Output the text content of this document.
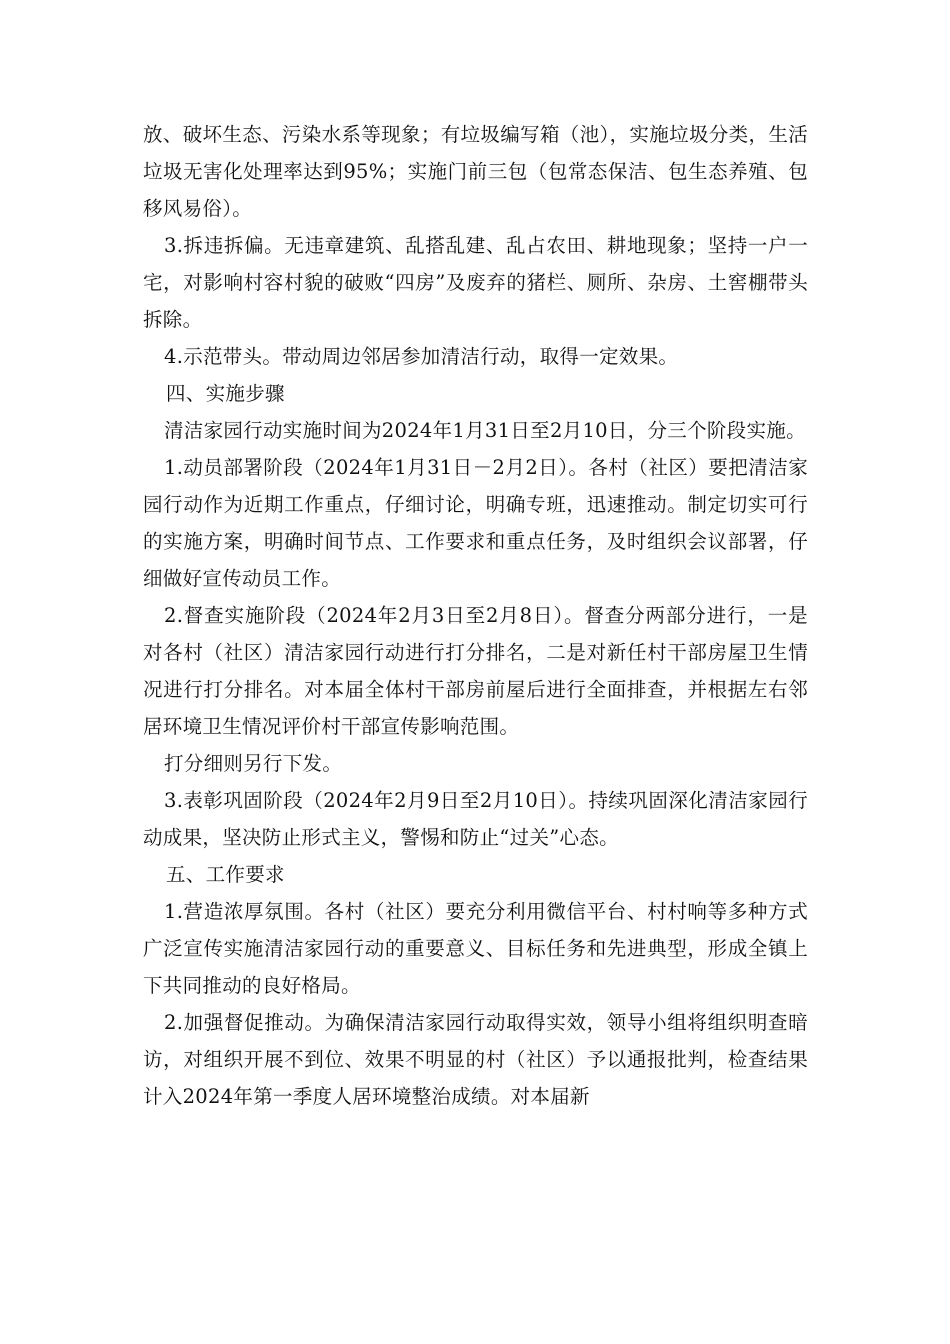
放、破坏生态、污染水系等现象；有垃圾编写箱（池），实施垃圾分类，生活垃圾无害化处理率达到95%；实施门前三包（包常态保洁、包生态养殖、包移风易俗）。

3.拆违拆偏。无违章建筑、乱搭乱建、乱占农田、耕地现象；坚持一户一宅，对影响村容村貌的破败“四房”及废弃的猪栏、厕所、杂房、土窖棚带头拆除。

4.示范带头。带动周边邻居参加清洁行动，取得一定效果。

四、实施步骤

清洁家园行动实施时间为2024年1月31日至2月10日，分三个阶段实施。

1.动员部署阶段（2024年1月31日－2月2日）。各村（社区）要把清洁家园行动作为近期工作重点，仔细讨论，明确专班，迅速推动。制定切实可行的实施方案，明确时间节点、工作要求和重点任务，及时组织会议部署，仔细做好宣传动员工作。

2.督查实施阶段（2024年2月3日至2月8日）。督查分两部分进行，一是对各村（社区）清洁家园行动进行打分排名，二是对新任村干部房屋卫生情况进行打分排名。对本届全体村干部房前屋后进行全面排查，并根据左右邻居环境卫生情况评价村干部宣传影响范围。

打分细则另行下发。

3.表彰巩固阶段（2024年2月9日至2月10日）。持续巩固深化清洁家园行动成果，坚决防止形式主义，警惕和防止“过关”心态。

五、工作要求

1.营造浓厚氛围。各村（社区）要充分利用微信平台、村村响等多种方式广泛宣传实施清洁家园行动的重要意义、目标任务和先进典型，形成全镇上下共同推动的良好格局。

2.加强督促推动。为确保清洁家园行动取得实效，领导小组将组织明查暗访，对组织开展不到位、效果不明显的村（社区）予以通报批判，检查结果计入2024年第一季度人居环境整治成绩。对本届新
